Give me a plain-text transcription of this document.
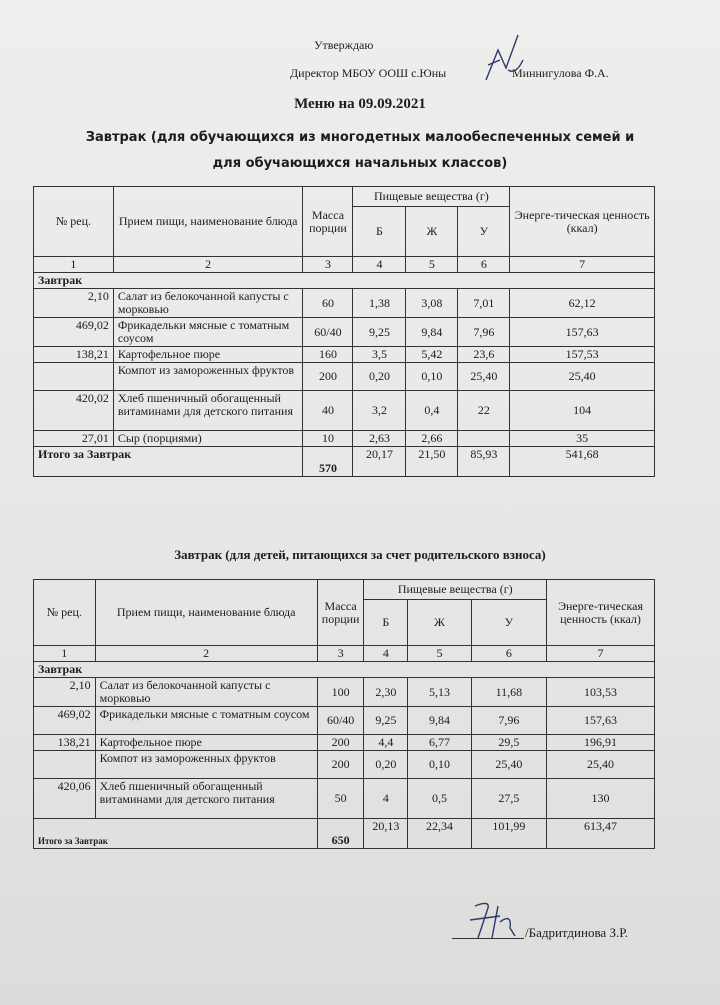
Утверждаю
Директор МБОУ ООШ с.Юны	Миннигулова Ф.А.
Меню на 09.09.2021
Завтрак (для обучающихся из многодетных малообеспеченных семей и
для обучающихся начальных классов)
№ рец.	Прием пищи, наименование блюда	Масса порции	Пищевые вещества (г)			Энерге-тическая ценность (ккал)
			Б	Ж	У	
1	2	3	4	5	6	7
Завтрак						
2,10	Салат из белокочанной капусты с морковью	60	1,38	3,08	7,01	62,12
469,02	Фрикадельки мясные с томатным соусом	60/40	9,25	9,84	7,96	157,63
138,21	Картофельное пюре	160	3,5	5,42	23,6	157,53
	Компот из замороженных фруктов	200	0,20	0,10	25,40	25,40
420,02	Хлеб пшеничный обогащенный витаминами для детского питания	40	3,2	0,4	22	104
27,01	Сыр (порциями)	10	2,63	2,66		35
Итого за Завтрак		570	20,17	21,50	85,93	541,68
Завтрак (для детей, питающихся за счет родительского взноса)
№ рец.	Прием пищи, наименование блюда	Масса порции	Пищевые вещества (г)			Энерге-тическая ценность (ккал)
			Б	Ж	У	
1	2	3	4	5	6	7
Завтрак						
2,10	Салат из белокочанной капусты с морковью	100	2,30	5,13	11,68	103,53
469,02	Фрикадельки мясные с томатным соусом	60/40	9,25	9,84	7,96	157,63
138,21	Картофельное пюре	200	4,4	6,77	29,5	196,91
	Компот из замороженных фруктов	200	0,20	0,10	25,40	25,40
420,06	Хлеб пшеничный обогащенный витаминами для детского питания	50	4	0,5	27,5	130
Итого за Завтрак		650	20,13	22,34	101,99	613,47
/Бадритдинова З.Р.
